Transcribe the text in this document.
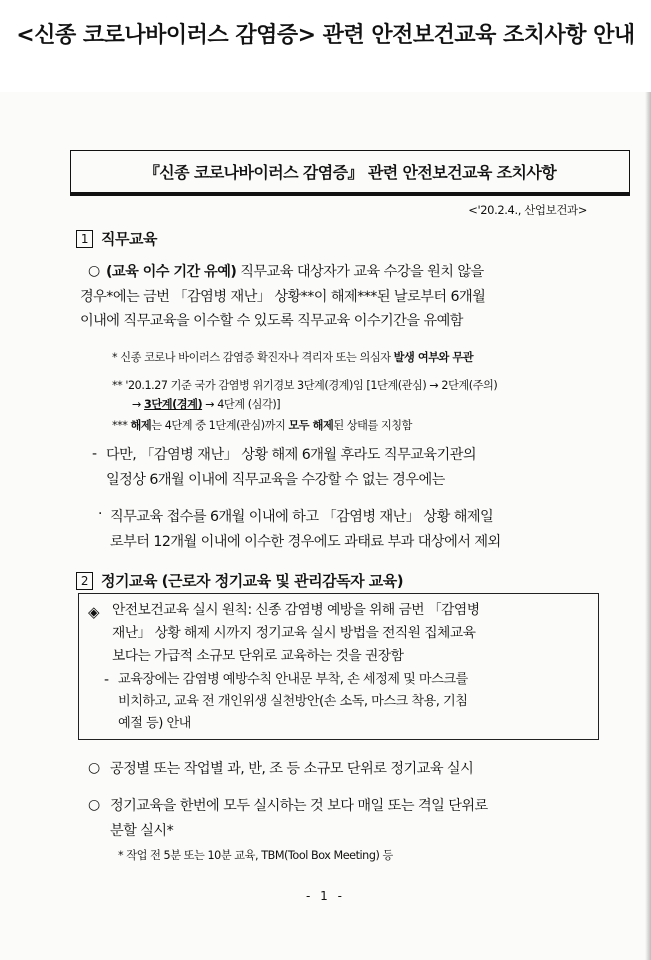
<신종 코로나바이러스 감염증> 관련 안전보건교육 조치사항 안내
『신종 코로나바이러스 감염증』 관련 안전보건교육 조치사항
<'20.2.4., 산업보건과>
1 직무교육
○ (교육 이수 기간 유예) 직무교육 대상자가 교육 수강을 원치 않을
경우*에는 금번 「감염병 재난」 상황**이 해제***된 날로부터 6개월
이내에 직무교육을 이수할 수 있도록 직무교육 이수기간을 유예함
* 신종 코로나 바이러스 감염증 확진자나 격리자 또는 의심자 발생 여부와 무관
** '20.1.27 기준 국가 감염병 위기경보 3단계(경계)임 [1단계(관심) → 2단계(주의)
→ 3단계(경계) → 4단계 (심각)]
*** 해제는 4단계 중 1단계(관심)까지 모두 해제된 상태를 지칭함
- 다만, 「감염병 재난」 상황 해제 6개월 후라도 직무교육기관의
일정상 6개월 이내에 직무교육을 수강할 수 없는 경우에는
· 직무교육 접수를 6개월 이내에 하고 「감염병 재난」 상황 해제일
로부터 12개월 이내에 이수한 경우에도 과태료 부과 대상에서 제외
2 정기교육 (근로자 정기교육 및 관리감독자 교육)
◈ 안전보건교육 실시 원칙: 신종 감염병 예방을 위해 금번 「감염병
재난」 상황 해제 시까지 정기교육 실시 방법을 전직원 집체교육
보다는 가급적 소규모 단위로 교육하는 것을 권장함
- 교육장에는 감염병 예방수칙 안내문 부착, 손 세정제 및 마스크를
비치하고, 교육 전 개인위생 실천방안(손 소독, 마스크 착용, 기침
예절 등) 안내
○ 공정별 또는 작업별 과, 반, 조 등 소규모 단위로 정기교육 실시
○ 정기교육을 한번에 모두 실시하는 것 보다 매일 또는 격일 단위로
분할 실시*
* 작업 전 5분 또는 10분 교육, TBM(Tool Box Meeting) 등
- 1 -
